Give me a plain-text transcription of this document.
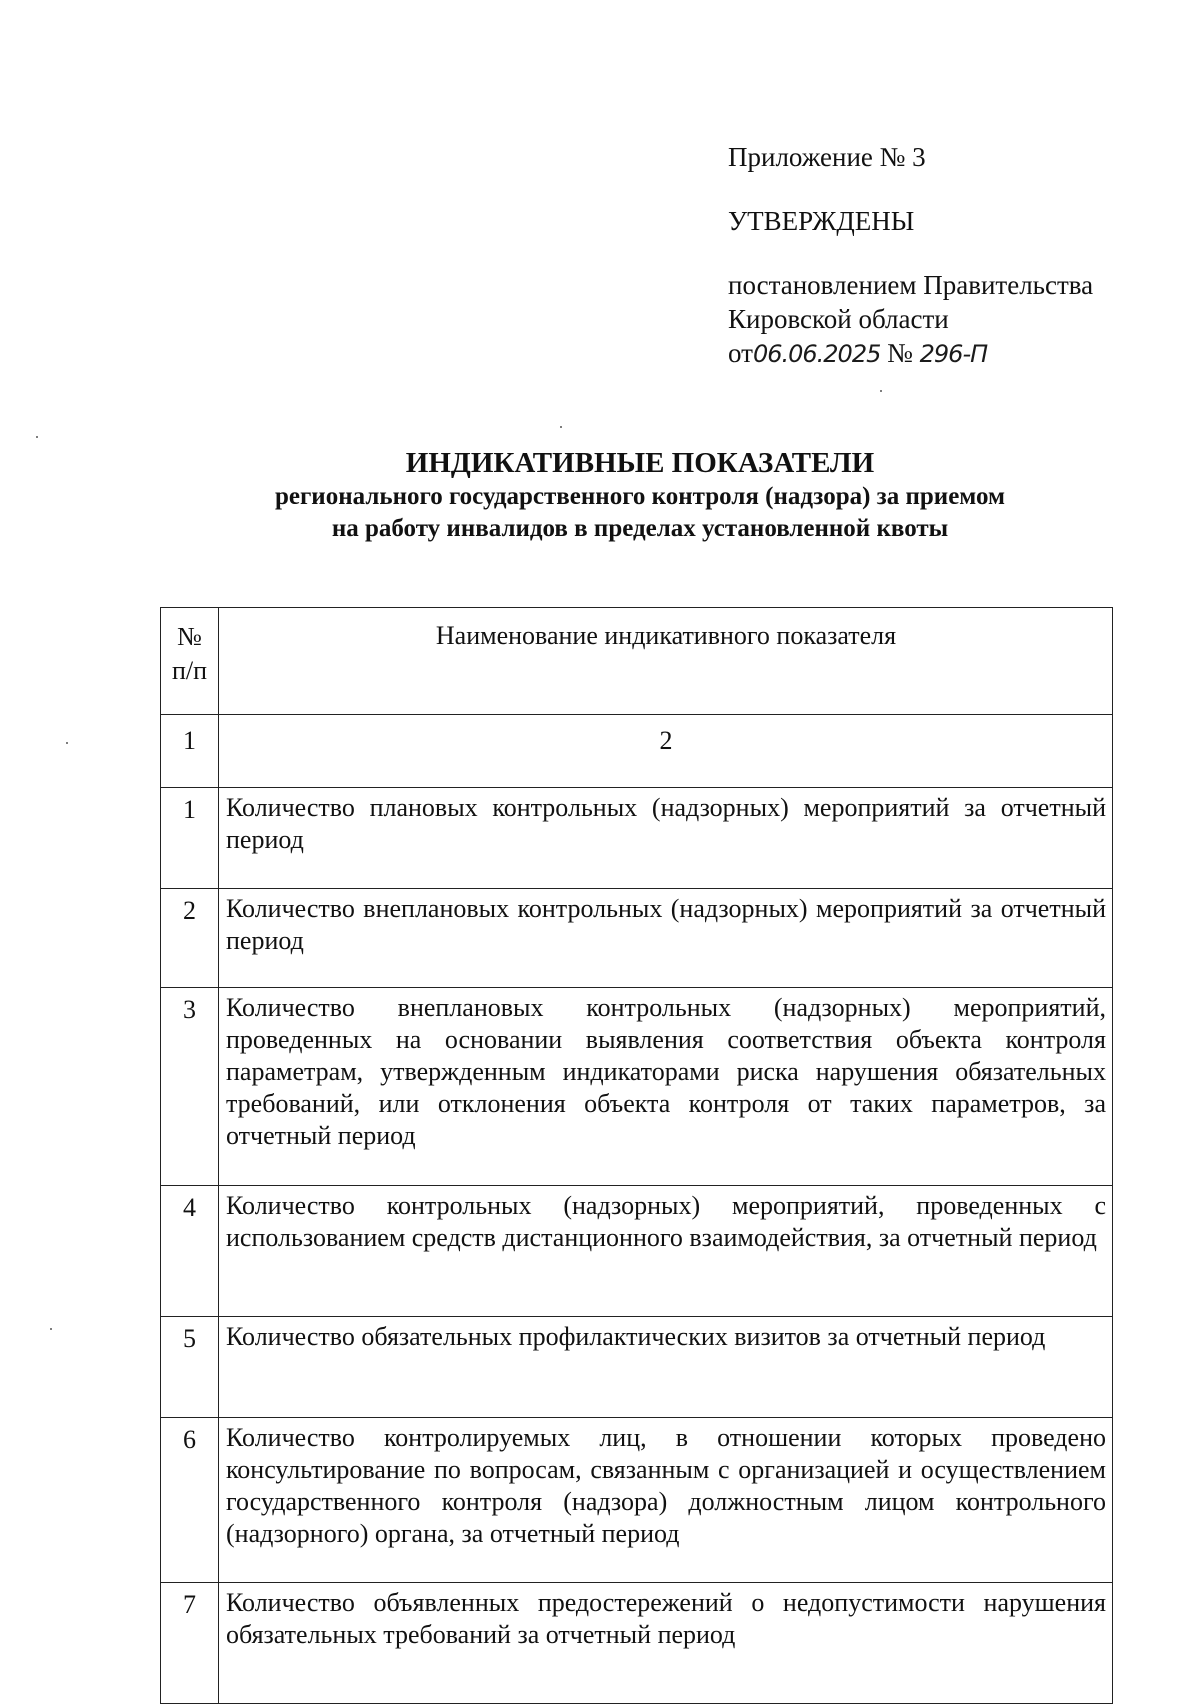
Приложение № 3
УТВЕРЖДЕНЫ
постановлением Правительства
Кировской области
от06.06.2025 № 296-П
ИНДИКАТИВНЫЕ ПОКАЗАТЕЛИ
регионального государственного контроля (надзора) за приемом
на работу инвалидов в пределах установленной квоты
№
п/п	Наименование индикативного показателя
1	2
1	Количество плановых контрольных (надзорных) мероприятий за отчетный период
2	Количество внеплановых контрольных (надзорных) мероприятий за отчетный период
3	Количество внеплановых контрольных (надзорных) мероприятий, проведенных на основании выявления соответствия объекта контроля параметрам, утвержденным индикаторами риска нарушения обязательных требований, или отклонения объекта контроля от таких параметров, за отчетный период
4	Количество контрольных (надзорных) мероприятий, проведенных с использованием средств дистанционного взаимодействия, за отчетный период
5	Количество обязательных профилактических визитов за отчетный период
6	Количество контролируемых лиц, в отношении которых проведено консультирование по вопросам, связанным с организацией и осуществлением государственного контроля (надзора) должностным лицом контрольного (надзорного) органа, за отчетный период
7	Количество объявленных предостережений о недопустимости нарушения обязательных требований за отчетный период
